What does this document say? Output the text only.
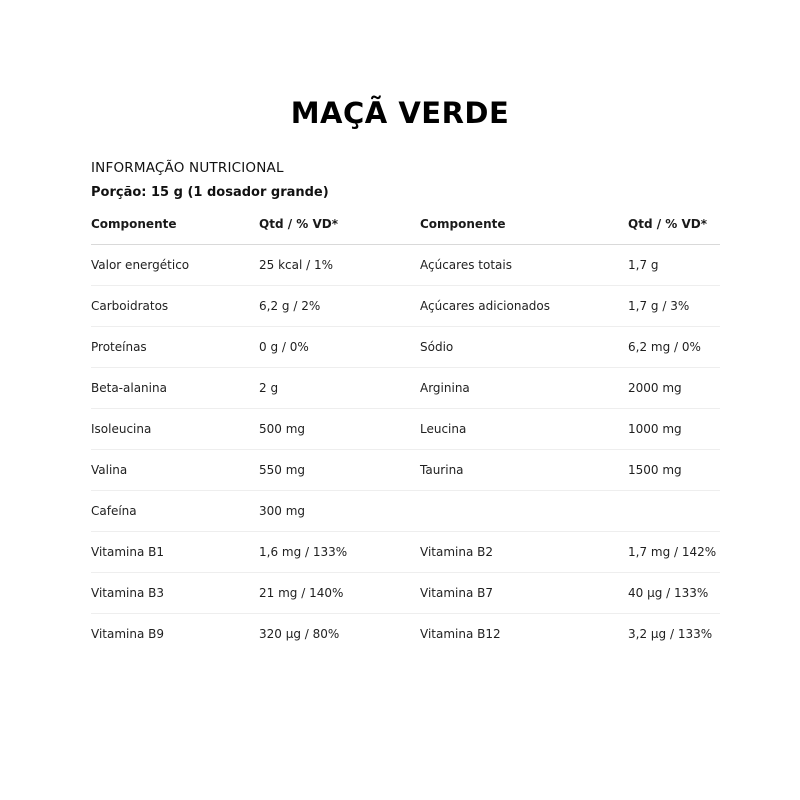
MAÇÃ VERDE
INFORMAÇÃO NUTRICIONAL
Porção: 15 g (1 dosador grande)
Componente	Qtd / % VD*	Componente	Qtd / % VD*
Valor energético	25 kcal / 1%	Açúcares totais	1,7 g
Carboidratos	6,2 g / 2%	Açúcares adicionados	1,7 g / 3%
Proteínas	0 g / 0%	Sódio	6,2 mg / 0%
Beta-alanina	2 g	Arginina	2000 mg
Isoleucina	500 mg	Leucina	1000 mg
Valina	550 mg	Taurina	1500 mg
Cafeína	300 mg		
Vitamina B1	1,6 mg / 133%	Vitamina B2	1,7 mg / 142%
Vitamina B3	21 mg / 140%	Vitamina B7	40 µg / 133%
Vitamina B9	320 µg / 80%	Vitamina B12	3,2 µg / 133%
